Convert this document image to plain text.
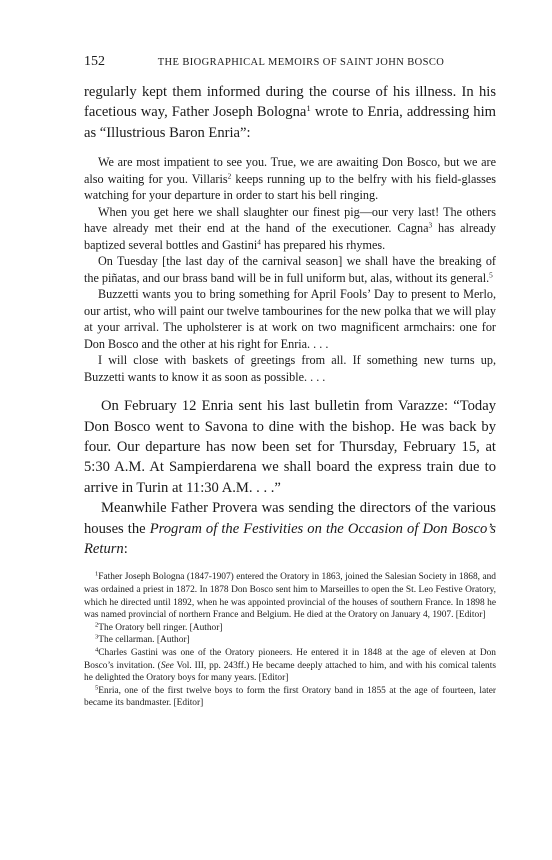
152	THE BIOGRAPHICAL MEMOIRS OF SAINT JOHN BOSCO

regularly kept them informed during the course of his illness. In his facetious way, Father Joseph Bologna$^1$ wrote to Enria, addressing him as “Illustrious Baron Enria”:

We are most impatient to see you. True, we are awaiting Don Bosco, but we are also waiting for you. Villaris$^2$ keeps running up to the belfry with his field-glasses watching for your departure in order to start his bell ringing.

When you get here we shall slaughter our finest pig—our very last! The others have already met their end at the hand of the executioner. Cagna$^3$ has already baptized several bottles and Gastini$^4$ has prepared his rhymes.

On Tuesday [the last day of the carnival season] we shall have the breaking of the piñatas, and our brass band will be in full uniform but, alas, without its general.$^5$

Buzzetti wants you to bring something for April Fools’ Day to present to Merlo, our artist, who will paint our twelve tambourines for the new polka that we will play at your arrival. The upholsterer is at work on two magnificent armchairs: one for Don Bosco and the other at his right for Enria. . . .

I will close with baskets of greetings from all. If something new turns up, Buzzetti wants to know it as soon as possible. . . .

On February 12 Enria sent his last bulletin from Varazze: “Today Don Bosco went to Savona to dine with the bishop. He was back by four. Our departure has now been set for Thursday, February 15, at 5:30 A.M. At Sampierdarena we shall board the express train due to arrive in Turin at 11:30 A.M. . . .”

Meanwhile Father Provera was sending the directors of the various houses the Program of the Festivities on the Occasion of Don Bosco’s Return:

$^1$Father Joseph Bologna (1847-1907) entered the Oratory in 1863, joined the Salesian Society in 1868, and was ordained a priest in 1872. In 1878 Don Bosco sent him to Marseilles to open the St. Leo Festive Oratory, which he directed until 1892, when he was appointed provincial of the houses of southern France. In 1898 he was named provincial of northern France and Belgium. He died at the Oratory on January 4, 1907. [Editor]

$^2$The Oratory bell ringer. [Author]

$^3$The cellarman. [Author]

$^4$Charles Gastini was one of the Oratory pioneers. He entered it in 1848 at the age of eleven at Don Bosco’s invitation. (See Vol. III, pp. 243ff.) He became deeply attached to him, and with his comical talents he delighted the Oratory boys for many years. [Editor]

$^5$Enria, one of the first twelve boys to form the first Oratory band in 1855 at the age of fourteen, later became its bandmaster. [Editor]
